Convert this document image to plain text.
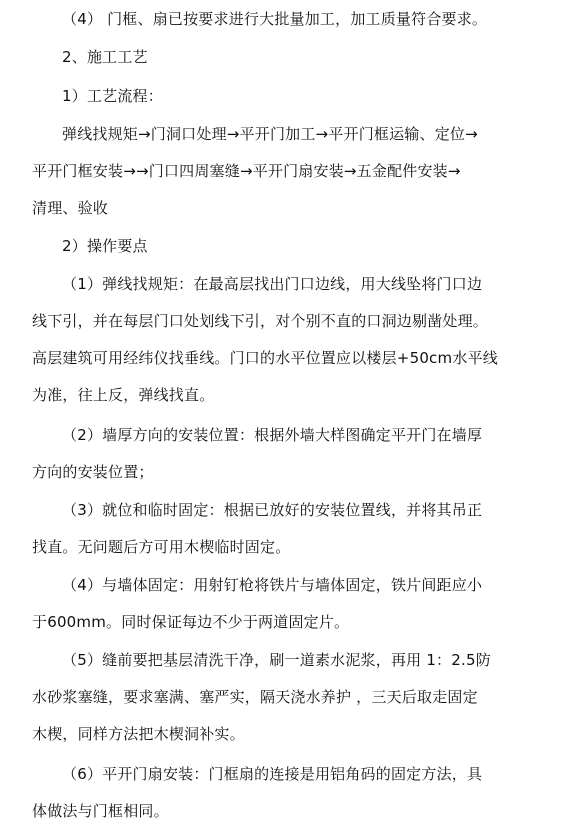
（4） 门框、扇已按要求进行大批量加工，加工质量符合要求。
2、施工工艺
1）工艺流程：
弹线找规矩→门洞口处理→平开门加工→平开门框运输、定位→
平开门框安装→→门口四周塞缝→平开门扇安装→五金配件安装→
清理、验收
2）操作要点
（1）弹线找规矩：在最高层找出门口边线，用大线坠将门口边
线下引，并在每层门口处划线下引，对个别不直的口洞边剔凿处理。
高层建筑可用经纬仪找垂线。门口的水平位置应以楼层+50cm水平线
为准，往上反，弹线找直。
（2）墙厚方向的安装位置：根据外墙大样图确定平开门在墙厚
方向的安装位置；
（3）就位和临时固定：根据已放好的安装位置线，并将其吊正
找直。无问题后方可用木楔临时固定。
（4）与墙体固定：用射钉枪将铁片与墙体固定，铁片间距应小
于600mm。同时保证每边不少于两道固定片。
（5）缝前要把基层清洗干净，刷一道素水泥浆，再用 1：2.5防
水砂浆塞缝，要求塞满、塞严实，隔天浇水养护 ，三天后取走固定
木楔，同样方法把木楔洞补实。
（6）平开门扇安装：门框扇的连接是用铝角码的固定方法，具
体做法与门框相同。
